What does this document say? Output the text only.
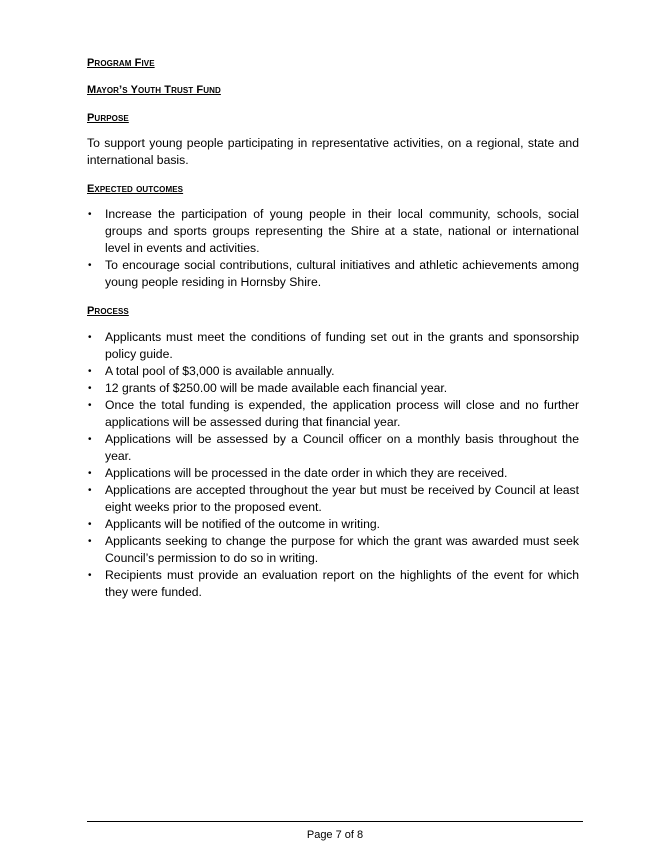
Program Five

Mayor’s Youth Trust Fund

Purpose

To support young people participating in representative activities, on a regional, state and international basis.

Expected outcomes

• Increase the participation of young people in their local community, schools, social groups and sports groups representing the Shire at a state, national or international level in events and activities.
• To encourage social contributions, cultural initiatives and athletic achievements among young people residing in Hornsby Shire.

Process

• Applicants must meet the conditions of funding set out in the grants and sponsorship policy guide.
• A total pool of $3,000 is available annually.
• 12 grants of $250.00 will be made available each financial year.
• Once the total funding is expended, the application process will close and no further applications will be assessed during that financial year.
• Applications will be assessed by a Council officer on a monthly basis throughout the year.
• Applications will be processed in the date order in which they are received.
• Applications are accepted throughout the year but must be received by Council at least eight weeks prior to the proposed event.
• Applicants will be notified of the outcome in writing.
• Applicants seeking to change the purpose for which the grant was awarded must seek Council’s permission to do so in writing.
• Recipients must provide an evaluation report on the highlights of the event for which they were funded.
Page 7 of 8
